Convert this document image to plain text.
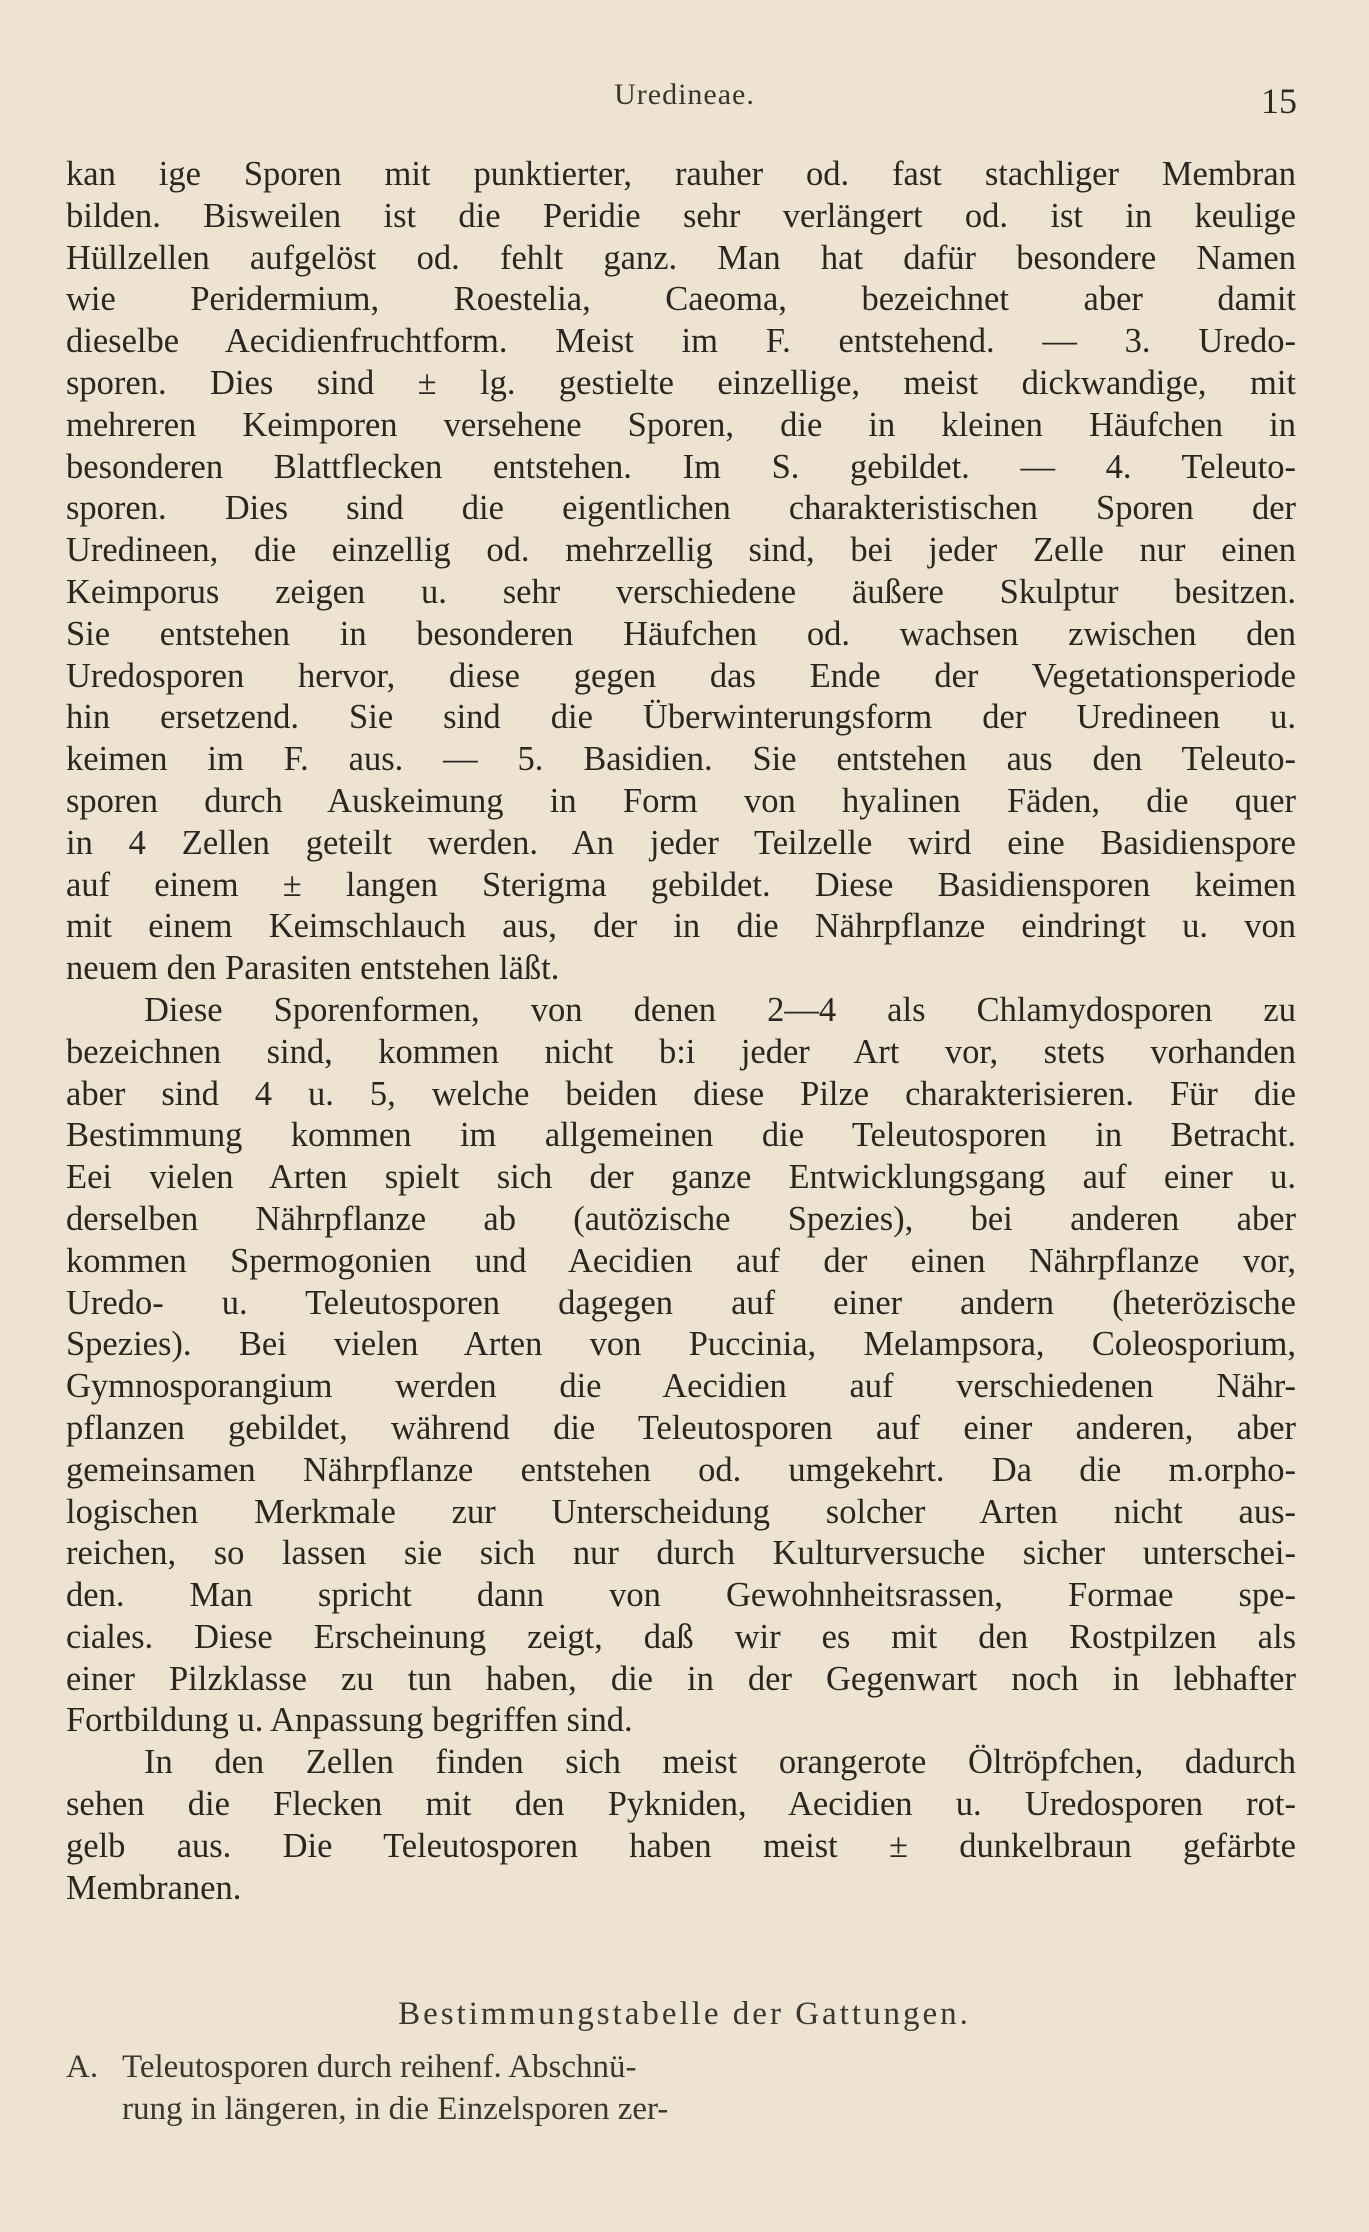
Uredineae.	15
kan ige Sporen mit punktierter, rauher od. fast stachliger Membran
bilden. Bisweilen ist die Peridie sehr verlängert od. ist in keulige
Hüllzellen aufgelöst od. fehlt ganz. Man hat dafür besondere Namen
wie Peridermium, Roestelia, Caeoma, bezeichnet aber damit
dieselbe Aecidienfruchtform. Meist im F. entstehend. — 3. Uredo-
sporen. Dies sind ± lg. gestielte einzellige, meist dickwandige, mit
mehreren Keimporen versehene Sporen, die in kleinen Häufchen in
besonderen Blattflecken entstehen. Im S. gebildet. — 4. Teleuto-
sporen. Dies sind die eigentlichen charakteristischen Sporen der
Uredineen, die einzellig od. mehrzellig sind, bei jeder Zelle nur einen
Keimporus zeigen u. sehr verschiedene äußere Skulptur besitzen.
Sie entstehen in besonderen Häufchen od. wachsen zwischen den
Uredosporen hervor, diese gegen das Ende der Vegetationsperiode
hin ersetzend. Sie sind die Überwinterungsform der Uredineen u.
keimen im F. aus. — 5. Basidien. Sie entstehen aus den Teleuto-
sporen durch Auskeimung in Form von hyalinen Fäden, die quer
in 4 Zellen geteilt werden. An jeder Teilzelle wird eine Basidienspore
auf einem ± langen Sterigma gebildet. Diese Basidiensporen keimen
mit einem Keimschlauch aus, der in die Nährpflanze eindringt u. von
neuem den Parasiten entstehen läßt.
Diese Sporenformen, von denen 2—4 als Chlamydosporen zu
bezeichnen sind, kommen nicht b:i jeder Art vor, stets vorhanden
aber sind 4 u. 5, welche beiden diese Pilze charakterisieren. Für die
Bestimmung kommen im allgemeinen die Teleutosporen in Betracht.
Eei vielen Arten spielt sich der ganze Entwicklungsgang auf einer u.
derselben Nährpflanze ab (autözische Spezies), bei anderen aber
kommen Spermogonien und Aecidien auf der einen Nährpflanze vor,
Uredo- u. Teleutosporen dagegen auf einer andern (heterözische
Spezies). Bei vielen Arten von Puccinia, Melampsora, Coleosporium,
Gymnosporangium werden die Aecidien auf verschiedenen Nähr-
pflanzen gebildet, während die Teleutosporen auf einer anderen, aber
gemeinsamen Nährpflanze entstehen od. umgekehrt. Da die m.orpho-
logischen Merkmale zur Unterscheidung solcher Arten nicht aus-
reichen, so lassen sie sich nur durch Kulturversuche sicher unterschei-
den. Man spricht dann von Gewohnheitsrassen, Formae spe-
ciales. Diese Erscheinung zeigt, daß wir es mit den Rostpilzen als
einer Pilzklasse zu tun haben, die in der Gegenwart noch in lebhafter
Fortbildung u. Anpassung begriffen sind.
In den Zellen finden sich meist orangerote Öltröpfchen, dadurch
sehen die Flecken mit den Pykniden, Aecidien u. Uredosporen rot-
gelb aus. Die Teleutosporen haben meist ± dunkelbraun gefärbte
Membranen.
Bestimmungstabelle der Gattungen.
A. Teleutosporen durch reihenf. Abschnü-
rung in längeren, in die Einzelsporen zer-
